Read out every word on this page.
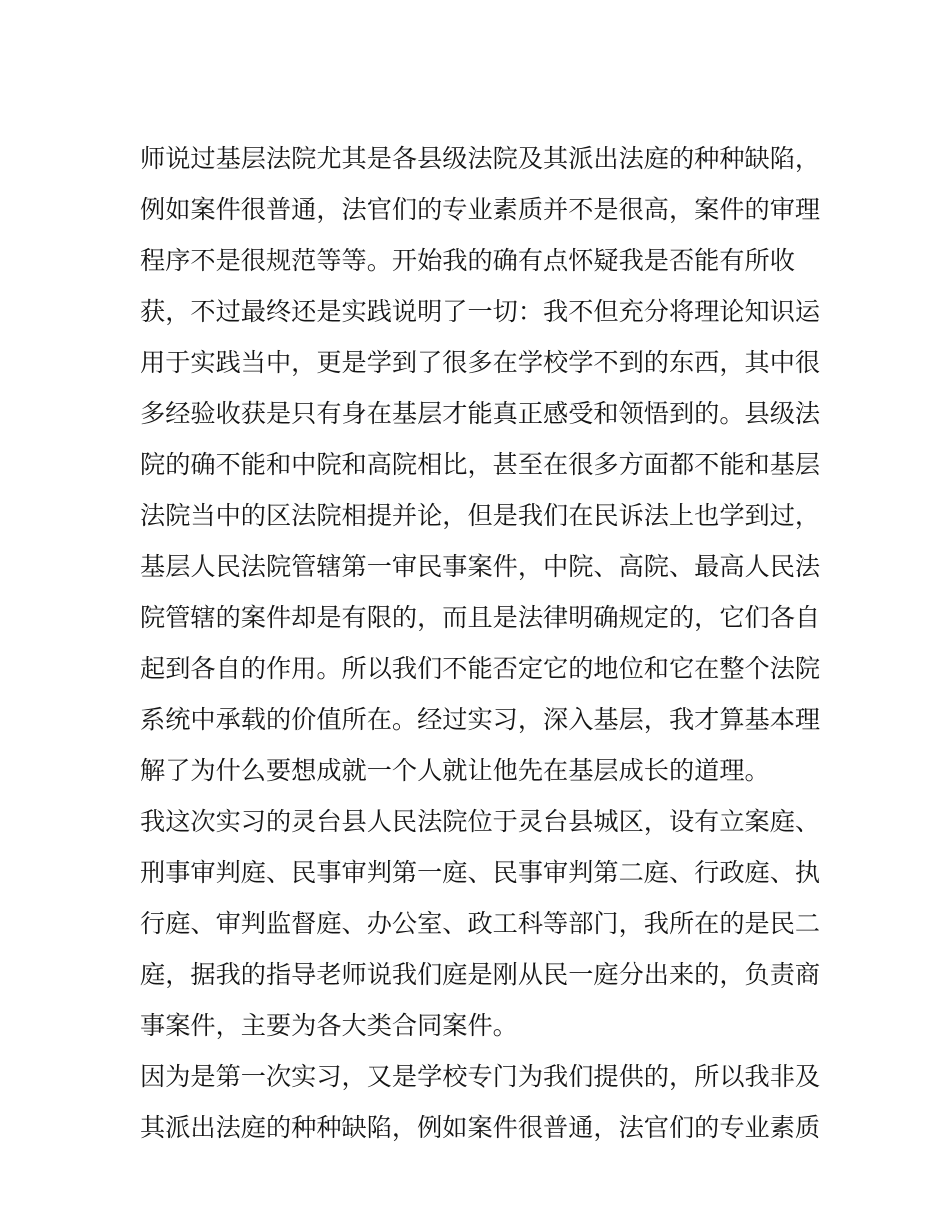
师说过基层法院尤其是各县级法院及其派出法庭的种种缺陷，
例如案件很普通，法官们的专业素质并不是很高，案件的审理
程序不是很规范等等。开始我的确有点怀疑我是否能有所收
获，不过最终还是实践说明了一切：我不但充分将理论知识运
用于实践当中，更是学到了很多在学校学不到的东西，其中很
多经验收获是只有身在基层才能真正感受和领悟到的。县级法
院的确不能和中院和高院相比，甚至在很多方面都不能和基层
法院当中的区法院相提并论，但是我们在民诉法上也学到过，
基层人民法院管辖第一审民事案件，中院、高院、最高人民法
院管辖的案件却是有限的，而且是法律明确规定的，它们各自
起到各自的作用。所以我们不能否定它的地位和它在整个法院
系统中承载的价值所在。经过实习，深入基层，我才算基本理
解了为什么要想成就一个人就让他先在基层成长的道理。
我这次实习的灵台县人民法院位于灵台县城区，设有立案庭、
刑事审判庭、民事审判第一庭、民事审判第二庭、行政庭、执
行庭、审判监督庭、办公室、政工科等部门，我所在的是民二
庭，据我的指导老师说我们庭是刚从民一庭分出来的，负责商
事案件，主要为各大类合同案件。
因为是第一次实习，又是学校专门为我们提供的，所以我非及
其派出法庭的种种缺陷，例如案件很普通，法官们的专业素质
